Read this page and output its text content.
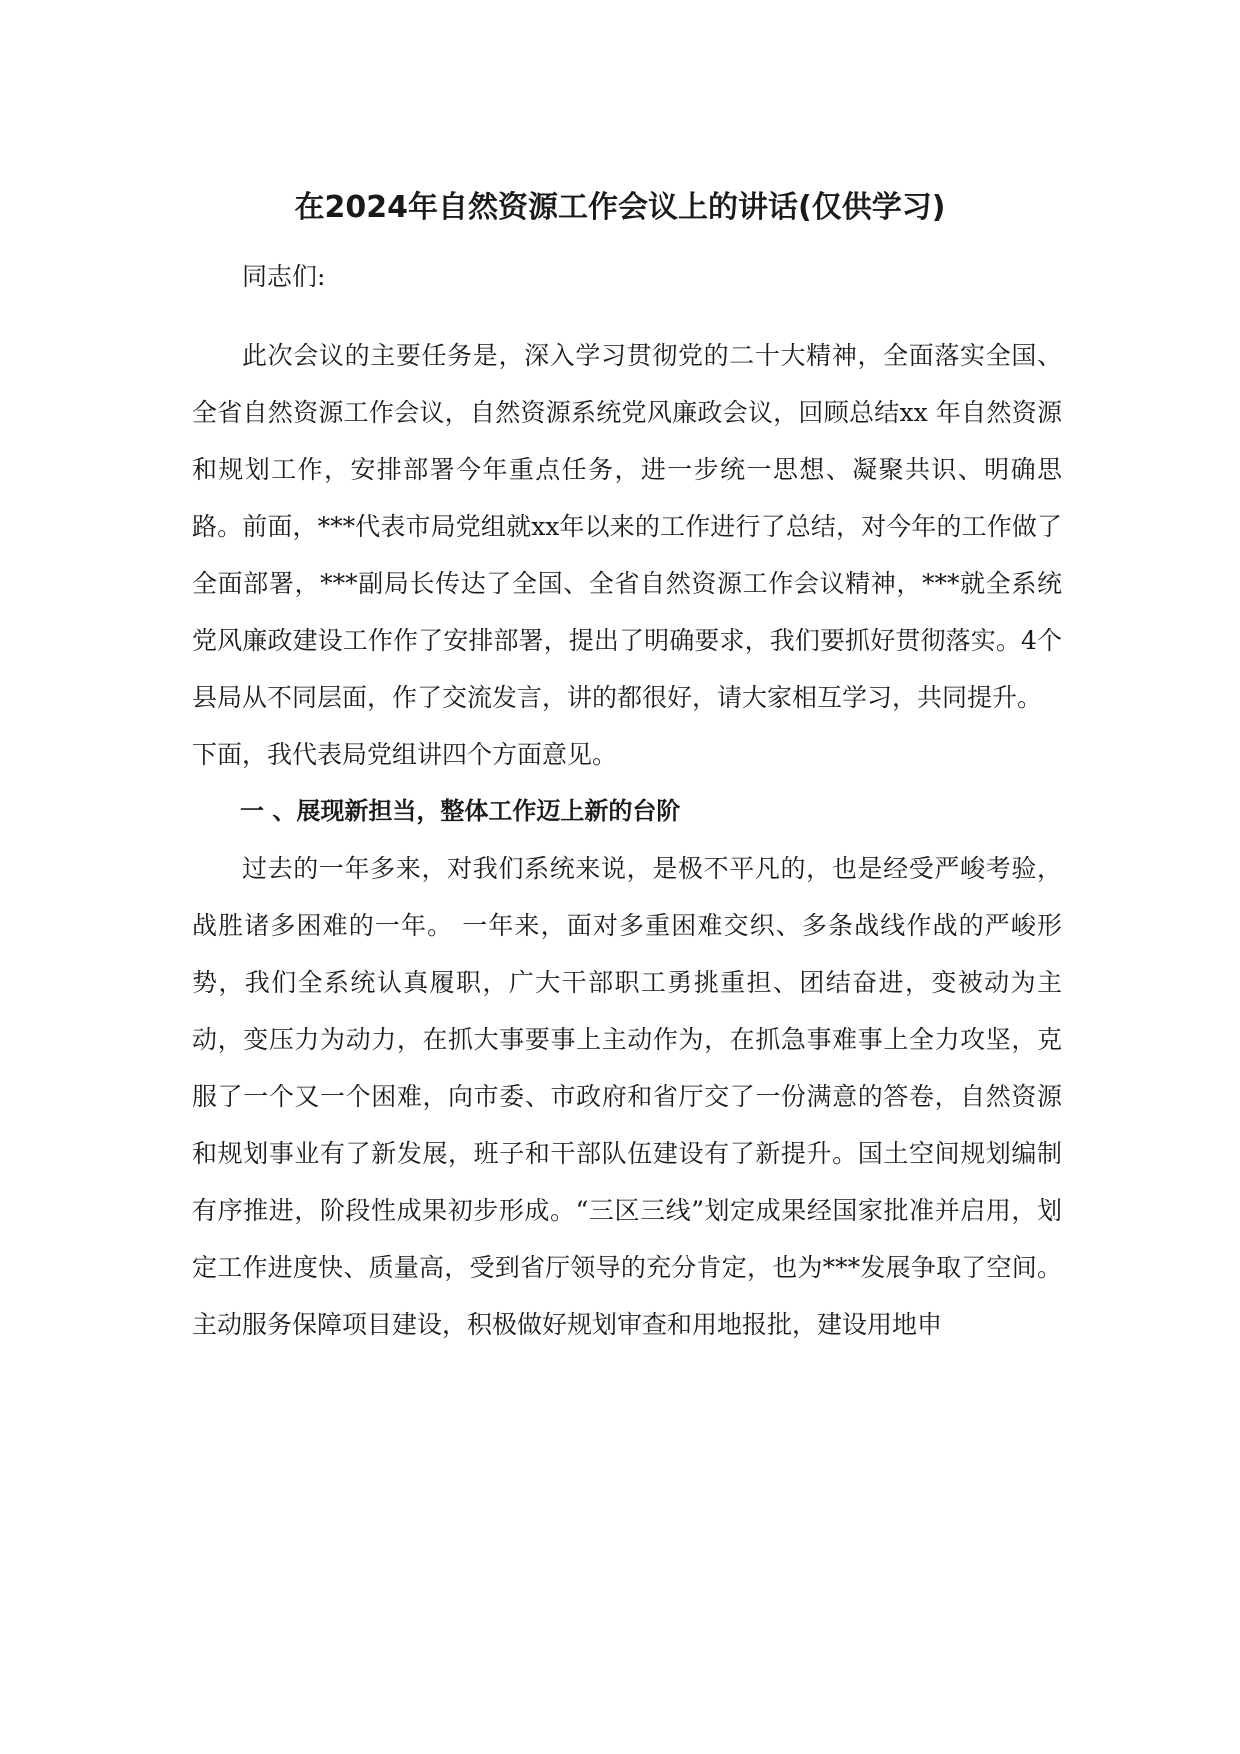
在2024年自然资源工作会议上的讲话(仅供学习)

同志们:

此次会议的主要任务是，深入学习贯彻党的二十大精神，全面落实全国、全省自然资源工作会议，自然资源系统党风廉政会议，回顾总结xx 年自然资源和规划工作，安排部署今年重点任务，进一步统一思想、凝聚共识、明确思路。前面，***代表市局党组就xx年以来的工作进行了总结，对今年的工作做了全面部署，***副局长传达了全国、全省自然资源工作会议精神，***就全系统党风廉政建设工作作了安排部署，提出了明确要求，我们要抓好贯彻落实。4个县局从不同层面，作了交流发言，讲的都很好，请大家相互学习，共同提升。

下面，我代表局党组讲四个方面意见。

一 、展现新担当，整体工作迈上新的台阶

过去的一年多来，对我们系统来说，是极不平凡的，也是经受严峻考验，战胜诸多困难的一年。 一年来，面对多重困难交织、多条战线作战的严峻形势，我们全系统认真履职，广大干部职工勇挑重担、团结奋进，变被动为主动，变压力为动力，在抓大事要事上主动作为，在抓急事难事上全力攻坚，克服了一个又一个困难，向市委、市政府和省厅交了一份满意的答卷，自然资源和规划事业有了新发展，班子和干部队伍建设有了新提升。国土空间规划编制有序推进，阶段性成果初步形成。“三区三线”划定成果经国家批准并启用，划定工作进度快、质量高，受到省厅领导的充分肯定，也为***发展争取了空间。主动服务保障项目建设，积极做好规划审查和用地报批，建设用地申
